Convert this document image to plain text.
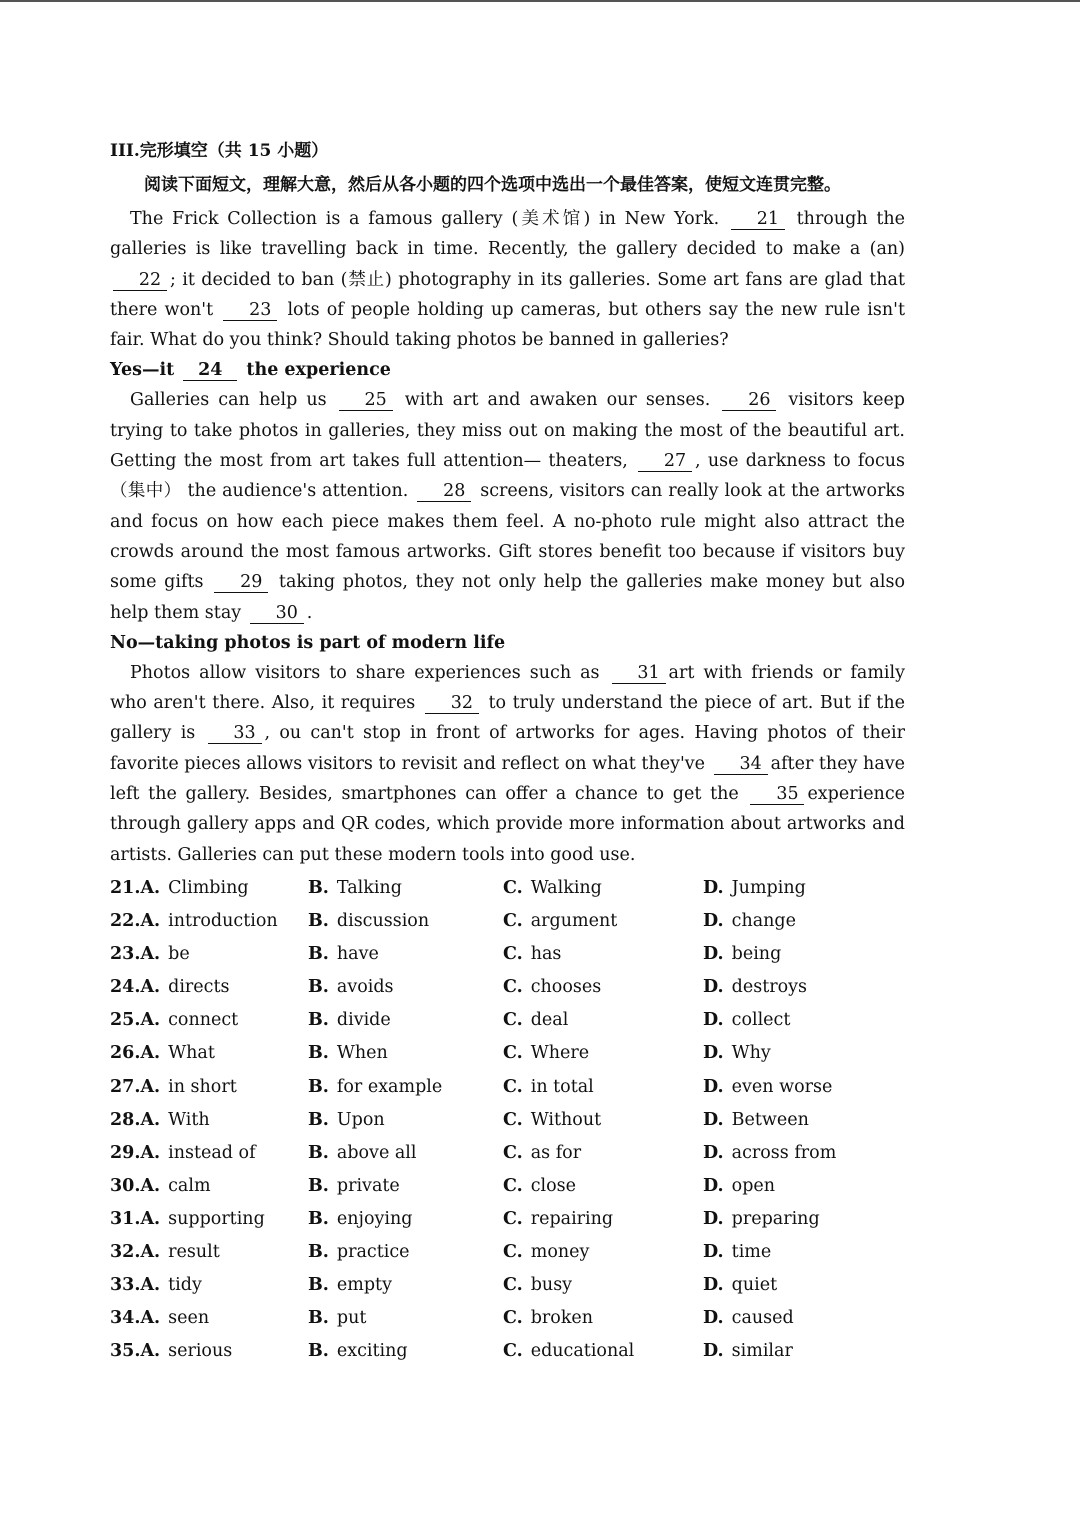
III.完形填空（共 15 小题）
阅读下面短文，理解大意，然后从各小题的四个选项中选出一个最佳答案，使短文连贯完整。

The Frick Collection is a famous gallery (美术馆) in New York. 21 through the galleries is like travelling back in time. Recently, the gallery decided to make a (an) 22 ; it decided to ban (禁止) photography in its galleries. Some art fans are glad that there won't 23 lots of people holding up cameras, but others say the new rule isn't fair. What do you think? Should taking photos be banned in galleries?

Yes—it 24 the experience

Galleries can help us 25 with art and awaken our senses. 26 visitors keep trying to take photos in galleries, they miss out on making the most of the beautiful art. Getting the most from art takes full attention— theaters, 27 , use darkness to focus （集中） the audience's attention. 28 screens, visitors can really look at the artworks and focus on how each piece makes them feel. A no-photo rule might also attract the crowds around the most famous artworks. Gift stores benefit too because if visitors buy some gifts 29 taking photos, they not only help the galleries make money but also help them stay 30 .

No—taking photos is part of modern life

Photos allow visitors to share experiences such as 31 art with friends or family who aren't there. Also, it requires 32 to truly understand the piece of art. But if the gallery is 33 , ou can't stop in front of artworks for ages. Having photos of their favorite pieces allows visitors to revisit and reflect on what they've 34 after they have left the gallery. Besides, smartphones can offer a chance to get the 35 experience through gallery apps and QR codes, which provide more information about artworks and artists. Galleries can put these modern tools into good use.

21.A. Climbing	B. Talking	C. Walking	D. Jumping
22.A. introduction B. discussion	C. argument	D. change
23.A. be	B. have	C. has	D. being
24.A. directs	B. avoids	C. chooses	D. destroys
25.A. connect	B. divide	C. deal	D. collect
26.A. What	B. When	C. Where	D. Why
27.A. in short	B. for example	C. in total	D. even worse
28.A. With	B. Upon	C. Without	D. Between
29.A. instead of	B. above all	C. as for	D. across from
30.A. calm	B. private	C. close	D. open
31.A. supporting B. enjoying	C. repairing	D. preparing
32.A. result	B. practice	C. money	D. time
33.A. tidy	B. empty	C. busy	D. quiet
34.A. seen	B. put	C. broken	D. caused
35.A. serious	B. exciting	C. educational	D. similar
